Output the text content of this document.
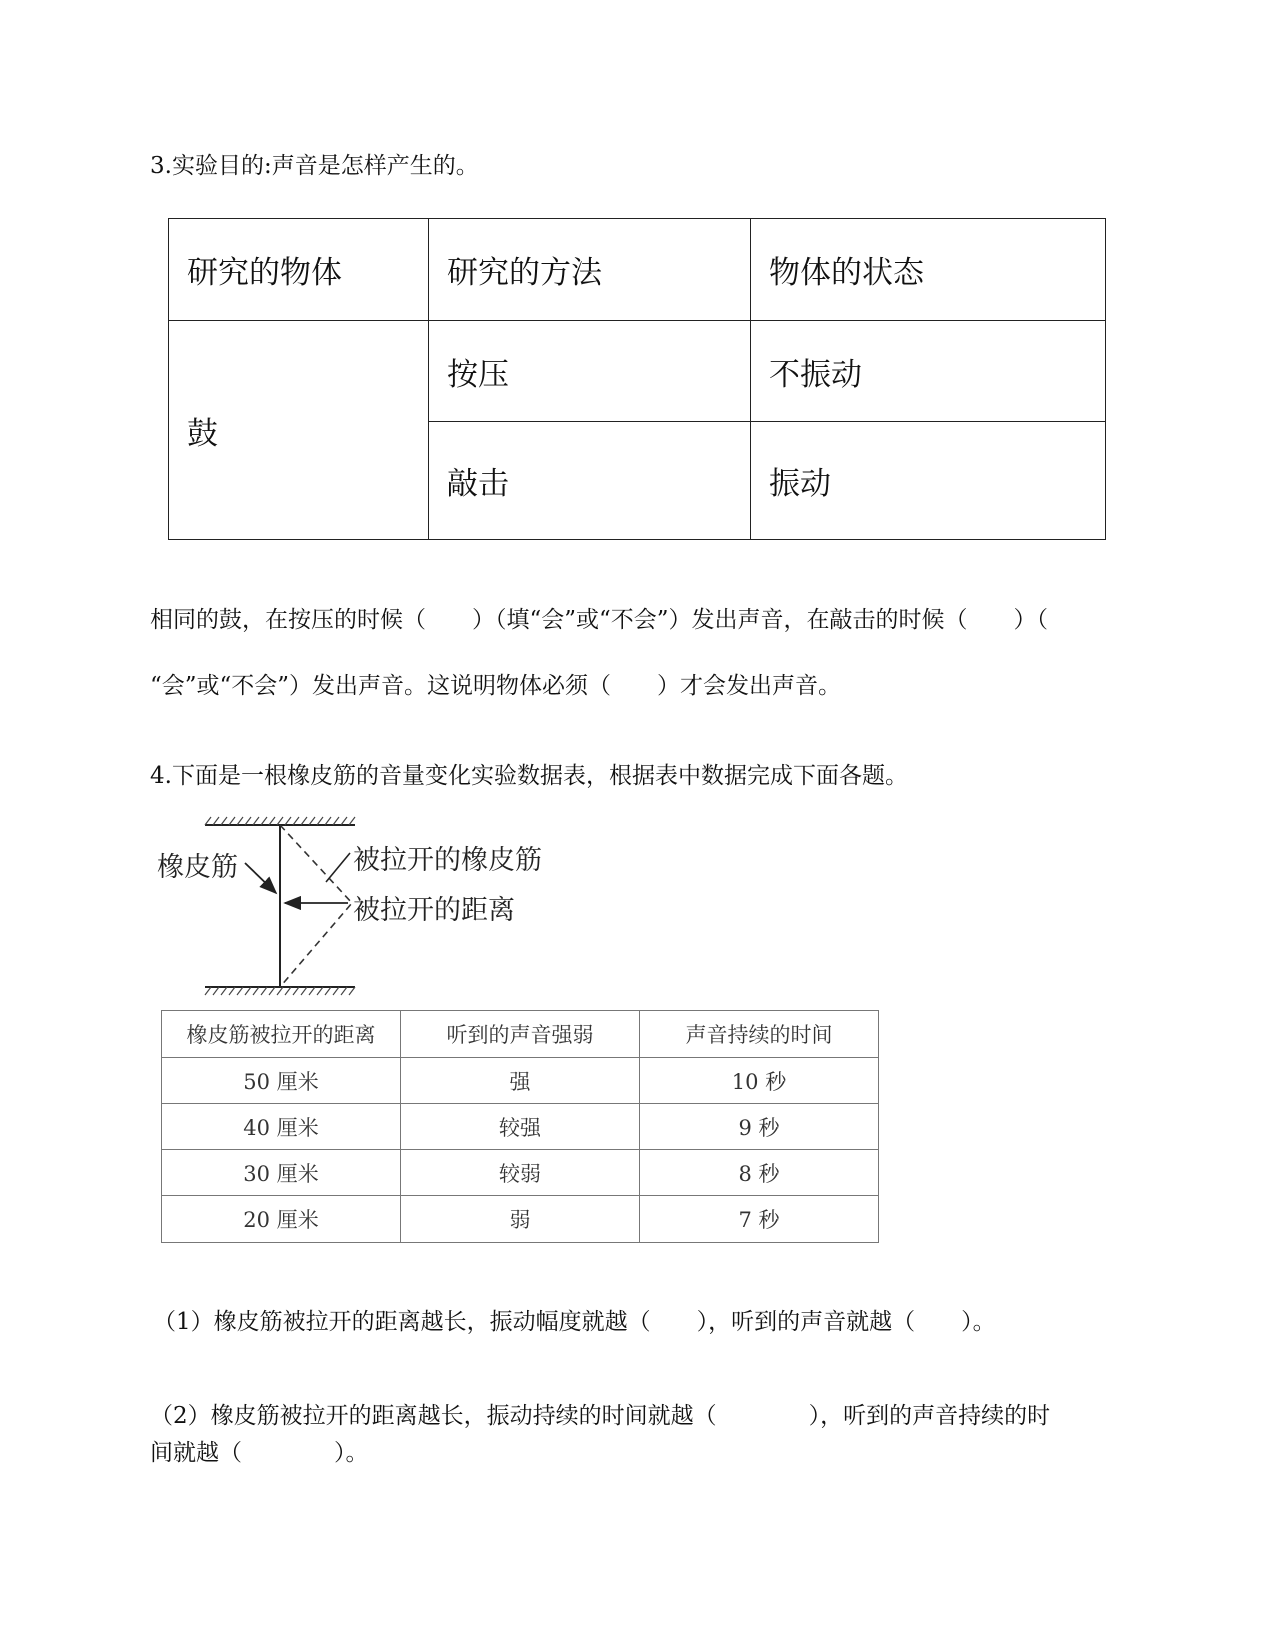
3.实验目的:声音是怎样产生的。
研究的物体	研究的方法	物体的状态
鼓	按压	不振动
	敲击	振动
相同的鼓，在按压的时候（　　）（填“会”或“不会”）发出声音，在敲击的时候（　　）（
“会”或“不会”）发出声音。这说明物体必须（　　）才会发出声音。
4.下面是一根橡皮筋的音量变化实验数据表，根据表中数据完成下面各题。
橡皮筋	被拉开的橡皮筋
被拉开的距离
橡皮筋被拉开的距离	听到的声音强弱	声音持续的时间
50 厘米	强	10 秒
40 厘米	较强	9 秒
30 厘米	较弱	8 秒
20 厘米	弱	7 秒
（1）橡皮筋被拉开的距离越长，振动幅度就越（　　），听到的声音就越（　　）。
（2）橡皮筋被拉开的距离越长，振动持续的时间就越（　　　　），听到的声音持续的时
间就越（　　　　）。
